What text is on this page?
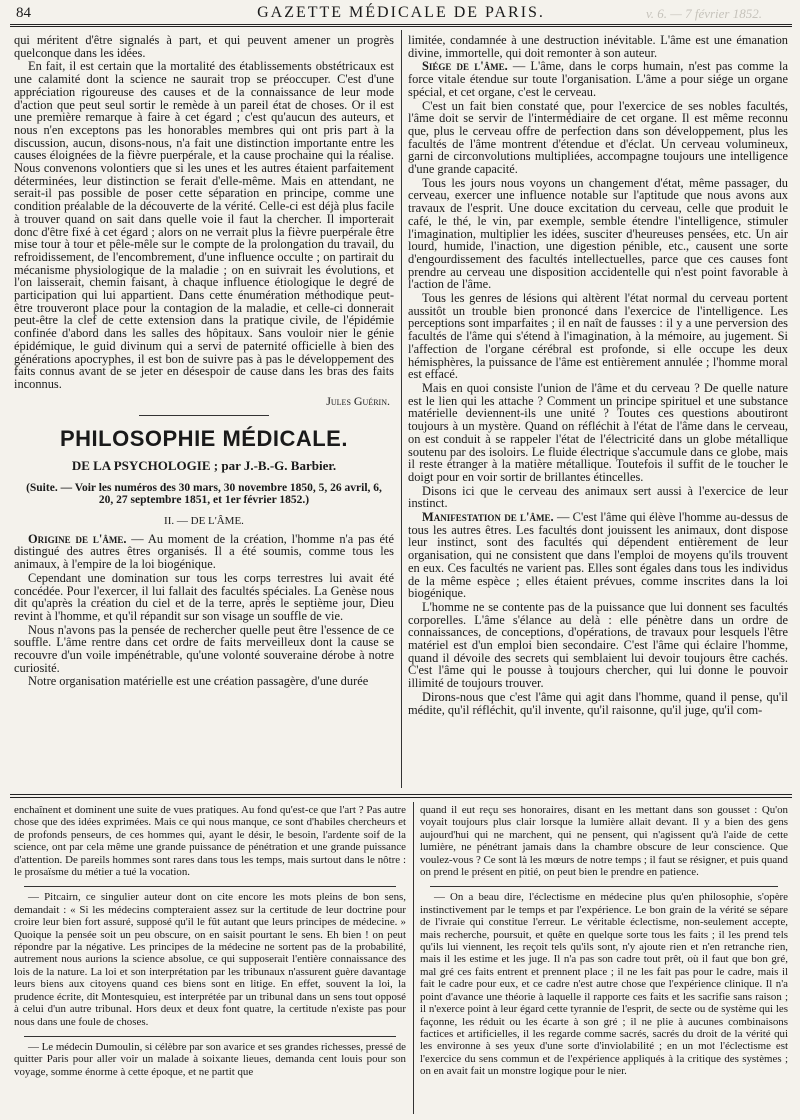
84	GAZETTE MÉDICALE DE PARIS.	v. 6. — 7 février 1852.

qui méritent d'être signalés à part, et qui peuvent amener un progrès quelconque dans les idées.

En fait, il est certain que la mortalité des établissements obstétricaux est une calamité dont la science ne saurait trop se préoccuper. C'est d'une appréciation rigoureuse des causes et de la connaissance de leur mode d'action que peut seul sortir le remède à un pareil état de choses. Or il est une première remarque à faire à cet égard ; c'est qu'aucun des auteurs, et nous n'en exceptons pas les honorables membres qui ont pris part à la discussion, aucun, disons-nous, n'a fait une distinction importante entre les causes éloignées de la fièvre puerpérale, et la cause prochaine qui la réalise. Nous convenons volontiers que si les unes et les autres étaient parfaitement déterminées, leur distinction se ferait d'elle-même. Mais en attendant, ne serait-il pas possible de poser cette séparation en principe, comme une condition préalable de la découverte de la vérité. Celle-ci est déjà plus facile à trouver quand on sait dans quelle voie il faut la chercher. Il importerait donc d'être fixé à cet égard ; alors on ne verrait plus la fièvre puerpérale être mise tour à tour et pêle-mêle sur le compte de la prolongation du travail, du refroidissement, de l'encombrement, d'une influence occulte ; on partirait du mécanisme physiologique de la maladie ; on en suivrait les évolutions, et l'on laisserait, chemin faisant, à chaque influence étiologique le degré de participation qui lui appartient. Dans cette énumération méthodique peut-être trouveront place pour la contagion de la maladie, et celle-ci donnerait peut-être la clef de cette extension dans la pratique civile, de l'épidémie confinée d'abord dans les salles des hôpitaux. Sans vouloir nier le génie épidémique, le guid divinum qui a servi de paternité officielle à bien des générations apocryphes, il est bon de suivre pas à pas le développement des faits connus avant de se jeter en désespoir de cause dans les bras des faits inconnus.

Jules Guérin.
PHILOSOPHIE MÉDICALE.
DE LA PSYCHOLOGIE ; par J.-B.-G. Barbier.
(Suite. — Voir les numéros des 30 mars, 30 novembre 1850, 5, 26 avril, 6, 20, 27 septembre 1851, et 1er février 1852.)
II. — DE L'ÂME.

Origine de l'âme. — Au moment de la création, l'homme n'a pas été distingué des autres êtres organisés. Il a été soumis, comme tous les animaux, à l'empire de la loi biogénique.

Cependant une domination sur tous les corps terrestres lui avait été concédée. Pour l'exercer, il lui fallait des facultés spéciales. La Genèse nous dit qu'après la création du ciel et de la terre, après le septième jour, Dieu revint à l'homme, et qu'il répandit sur son visage un souffle de vie.

Nous n'avons pas la pensée de rechercher quelle peut être l'essence de ce souffle. L'âme rentre dans cet ordre de faits merveilleux dont la cause se recouvre d'un voile impénétrable, qu'une volonté souveraine dérobe à notre curiosité.

Notre organisation matérielle est une création passagère, d'une durée

limitée, condamnée à une destruction inévitable. L'âme est une émanation divine, immortelle, qui doit remonter à son auteur.

Siége de l'âme. — L'âme, dans le corps humain, n'est pas comme la force vitale étendue sur toute l'organisation. L'âme a pour siége un organe spécial, et cet organe, c'est le cerveau.

C'est un fait bien constaté que, pour l'exercice de ses nobles facultés, l'âme doit se servir de l'intermédiaire de cet organe. Il est même reconnu que, plus le cerveau offre de perfection dans son développement, plus les facultés de l'âme montrent d'étendue et d'éclat. Un cerveau volumineux, garni de circonvolutions multipliées, accompagne toujours une intelligence d'une grande capacité.

Tous les jours nous voyons un changement d'état, même passager, du cerveau, exercer une influence notable sur l'aptitude que nous avons aux travaux de l'esprit. Une douce excitation du cerveau, celle que produit le café, le thé, le vin, par exemple, semble étendre l'intelligence, stimuler l'imagination, multiplier les idées, susciter d'heureuses pensées, etc. Un air lourd, humide, l'inaction, une digestion pénible, etc., causent une sorte d'engourdissement des facultés intellectuelles, parce que ces causes font prendre au cerveau une disposition accidentelle qui n'est point favorable à l'action de l'âme.

Tous les genres de lésions qui altèrent l'état normal du cerveau portent aussitôt un trouble bien prononcé dans l'exercice de l'intelligence. Les perceptions sont imparfaites ; il en naît de fausses : il y a une perversion des facultés de l'âme qui s'étend à l'imagination, à la mémoire, au jugement. Si l'affection de l'organe cérébral est profonde, si elle occupe les deux hémisphères, la puissance de l'âme est entièrement annulée ; l'homme moral est effacé.

Mais en quoi consiste l'union de l'âme et du cerveau ? De quelle nature est le lien qui les attache ? Comment un principe spirituel et une substance matérielle deviennent-ils une unité ? Toutes ces questions aboutiront toujours à un mystère. Quand on réfléchit à l'état de l'âme dans le cerveau, on est conduit à se rappeler l'état de l'électricité dans un globe métallique soutenu par des isoloirs. Le fluide électrique s'accumule dans ce globe, mais il reste étranger à la matière métallique. Toutefois il suffit de le toucher le doigt pour en voir sortir de brillantes étincelles.

Disons ici que le cerveau des animaux sert aussi à l'exercice de leur instinct.

Manifestation de l'âme. — C'est l'âme qui élève l'homme au-dessus de tous les autres êtres. Les facultés dont jouissent les animaux, dont dispose leur instinct, sont des facultés qui dépendent entièrement de leur organisation, qui ne consistent que dans l'emploi de moyens qu'ils trouvent en eux. Ces facultés ne varient pas. Elles sont égales dans tous les individus de la même espèce ; elles étaient prévues, comme inscrites dans la loi biogénique.

L'homme ne se contente pas de la puissance que lui donnent ses facultés corporelles. L'âme s'élance au delà : elle pénètre dans un ordre de connaissances, de conceptions, d'opérations, de travaux pour lesquels l'être matériel est d'un emploi bien secondaire. C'est l'âme qui éclaire l'homme, quand il dévoile des secrets qui semblaient lui devoir toujours être cachés. C'est l'âme qui le pousse à toujours chercher, qui lui donne le pouvoir illimité de toujours trouver.

Dirons-nous que c'est l'âme qui agit dans l'homme, quand il pense, qu'il médite, qu'il réfléchit, qu'il invente, qu'il raisonne, qu'il juge, qu'il com-

enchaînent et dominent une suite de vues pratiques. Au fond qu'est-ce que l'art ? Pas autre chose que des idées exprimées. Mais ce qui nous manque, ce sont d'habiles chercheurs et de profonds penseurs, de ces hommes qui, ayant le désir, le besoin, l'ardente soif de la science, ont par cela même une grande puissance de pénétration et une grande puissance d'attention. De pareils hommes sont rares dans tous les temps, mais surtout dans le nôtre : le prosaïsme du métier a tué la vocation.

— Pitcairn, ce singulier auteur dont on cite encore les mots pleins de bon sens, demandait : « Si les médecins compteraient assez sur la certitude de leur doctrine pour croire leur bien fort assuré, supposé qu'il le fût autant que leurs principes de médecine. » Quoique la pensée soit un peu obscure, on en saisit pourtant le sens. Eh bien ! on peut répondre par la négative. Les principes de la médecine ne sortent pas de la probabilité, autrement nous aurions la science absolue, ce qui supposerait l'entière connaissance des lois de la nature. La loi et son interprétation par les tribunaux n'assurent guère davantage leurs biens aux citoyens quand ces biens sont en litige. En effet, souvent la loi, la prudence écrite, dit Montesquieu, est interprétée par un tribunal dans un sens tout opposé à celui d'un autre tribunal. Hors deux et deux font quatre, la certitude n'existe pas pour nous dans une foule de choses.

— Le médecin Dumoulin, si célèbre par son avarice et ses grandes richesses, pressé de quitter Paris pour aller voir un malade à soixante lieues, demanda cent louis pour son voyage, somme énorme à cette époque, et ne partit que

quand il eut reçu ses honoraires, disant en les mettant dans son gousset : Qu'on voyait toujours plus clair lorsque la lumière allait devant. Il y a bien des gens aujourd'hui qui ne marchent, qui ne pensent, qui n'agissent qu'à l'aide de cette lumière, ne pénétrant jamais dans la chambre obscure de leur conscience. Que voulez-vous ? Ce sont là les mœurs de notre temps ; il faut se résigner, et puis quand on prend le présent en pitié, on peut bien le prendre en patience.

— On a beau dire, l'éclectisme en médecine plus qu'en philosophie, s'opère instinctivement par le temps et par l'expérience. Le bon grain de la vérité se sépare de l'ivraie qui constitue l'erreur. Le véritable éclectisme, non-seulement accepte, mais recherche, poursuit, et quête en quelque sorte tous les faits ; il les prend tels qu'ils lui viennent, les reçoit tels qu'ils sont, n'y ajoute rien et n'en retranche rien, mais il les estime et les juge. Il n'a pas son cadre tout prêt, où il faut que bon gré, mal gré ces faits entrent et prennent place ; il ne les fait pas pour le cadre, mais il fait le cadre pour eux, et ce cadre n'est autre chose que l'expérience clinique. Il n'a point d'avance une théorie à laquelle il rapporte ces faits et les sacrifie sans raison ; il n'exerce point à leur égard cette tyrannie de l'esprit, de secte ou de système qui les façonne, les réduit ou les écarte à son gré ; il ne plie à aucunes combinaisons factices et artificielles, il les regarde comme sacrés, sacrés du droit de la vérité qui les environne à ses yeux d'une sorte d'inviolabilité ; en un mot l'éclectisme est l'exercice du sens commun et de l'expérience appliqués à la critique des systèmes ; on en avait fait un monstre logique pour le nier.
